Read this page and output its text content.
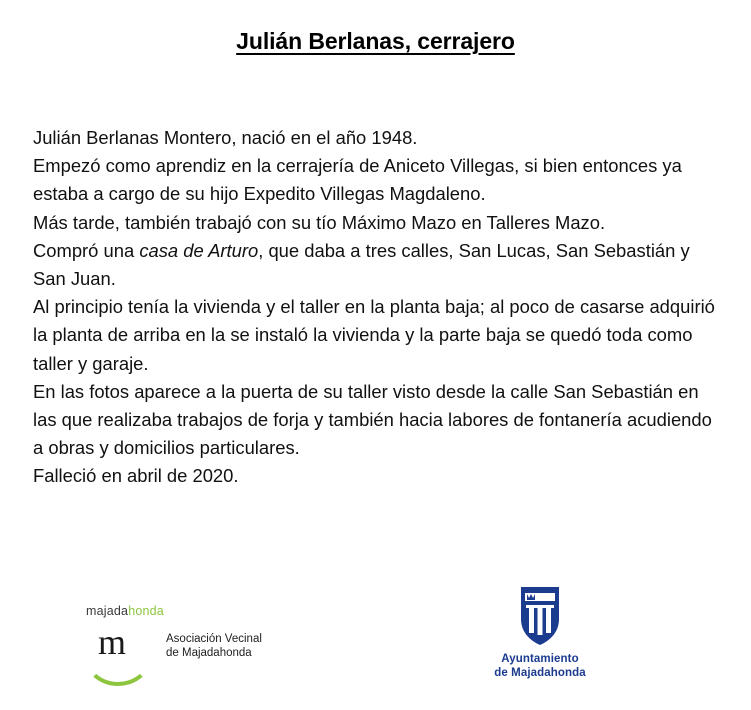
Julián Berlanas, cerrajero

Julián Berlanas Montero, nació en el año 1948.

Empezó como aprendiz en la cerrajería de Aniceto Villegas, si bien entonces ya estaba a cargo de su hijo Expedito Villegas Magdaleno.

Más tarde, también trabajó con su tío Máximo Mazo en Talleres Mazo.

Compró una casa de Arturo, que daba a tres calles, San Lucas, San Sebastián y San Juan.

Al principio tenía la vivienda y el taller en la planta baja; al poco de casarse adquirió la planta de arriba en la se instaló la vivienda y la parte baja se quedó toda como taller y garaje.

En las fotos aparece a la puerta de su taller visto desde la calle San Sebastián en las que realizaba trabajos de forja y también hacia labores de fontanería acudiendo a obras y domicilios particulares.

Falleció en abril de 2020.

majadahonda
m	Asociación Vecinal
de Majadahonda	Ayuntamiento
de Majadahonda
